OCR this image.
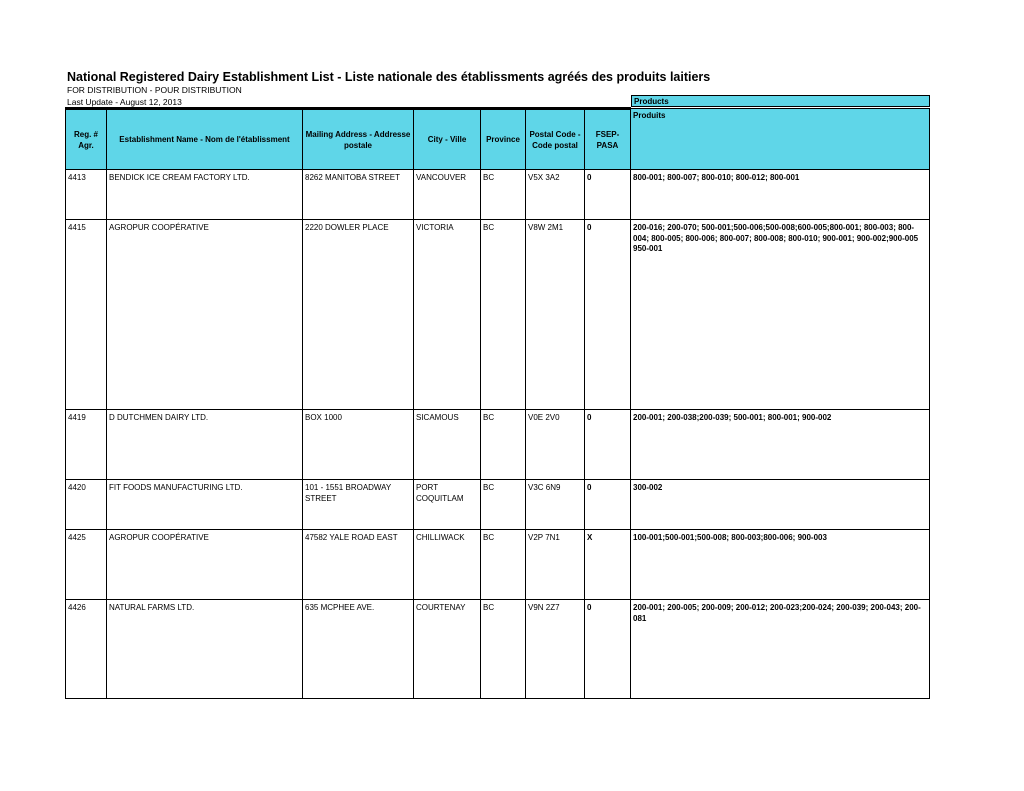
National Registered Dairy Establishment List - Liste nationale des établissments agréés des produits laitiers
FOR DISTRIBUTION - POUR DISTRIBUTION
Last Update - August 12, 2013	Products
Reg. # Agr.	Establishment Name - Nom de l'établissment	Mailing Address - Addresse postale	City - Ville	Province	Postal Code - Code postal	FSEP- PASA	Produits
4413	BENDICK ICE CREAM FACTORY LTD.	8262 MANITOBA STREET	VANCOUVER	BC	V5X 3A2	0	800-001; 800-007; 800-010; 800-012; 800-001
4415	AGROPUR COOPÉRATIVE	2220 DOWLER PLACE	VICTORIA	BC	V8W 2M1	0	200-016; 200-070; 500-001;500-006;500-008;600-005;800-001; 800-003; 800-004; 800-005; 800-006; 800-007; 800-008; 800-010; 900-001; 900-002;900-005 950-001
4419	D DUTCHMEN DAIRY LTD.	BOX 1000	SICAMOUS	BC	V0E 2V0	0	200-001; 200-038;200-039; 500-001; 800-001; 900-002
4420	FIT FOODS MANUFACTURING LTD.	101 - 1551 BROADWAY STREET	PORT COQUITLAM	BC	V3C 6N9	0	300-002
4425	AGROPUR COOPÉRATIVE	47582 YALE ROAD EAST	CHILLIWACK	BC	V2P 7N1	X	100-001;500-001;500-008; 800-003;800-006; 900-003
4426	NATURAL FARMS LTD.	635 MCPHEE AVE.	COURTENAY	BC	V9N 2Z7	0	200-001; 200-005; 200-009; 200-012; 200-023;200-024; 200-039; 200-043; 200-081
